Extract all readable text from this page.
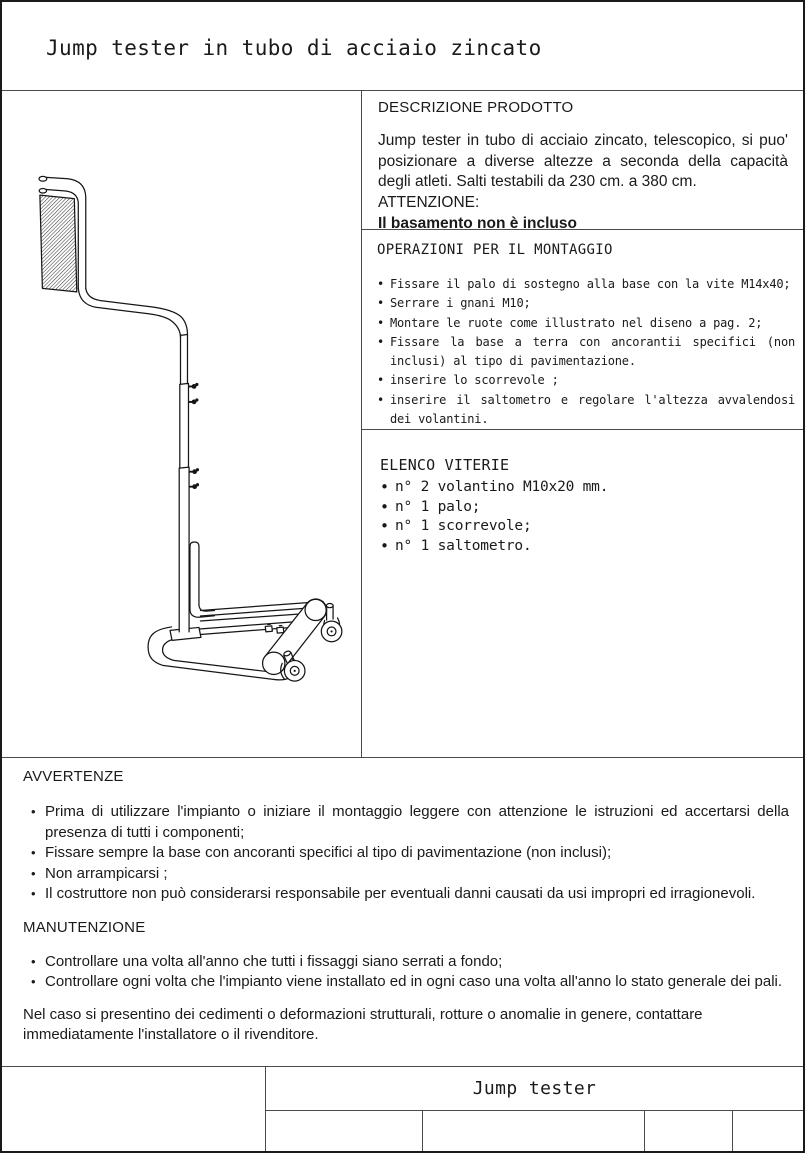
Jump tester in tubo di acciaio zincato
DESCRIZIONE PRODOTTO

Jump tester in tubo di acciaio zincato, telescopico, si puo' posizionare a diverse altezze a seconda della capacità degli atleti. Salti testabili da 230 cm. a 380 cm.

ATTENZIONE:

Il basamento non è incluso

OPERAZIONI PER IL MONTAGGIO
• Fissare il palo di sostegno alla base con la vite M14x40;
• Serrare i gnani M10;
• Montare le ruote come illustrato nel diseno a pag. 2;
• Fissare la base a terra con ancorantii specifici (non inclusi) al tipo di pavimentazione.
• inserire lo scorrevole ;
• inserire il saltometro e regolare l'altezza avvalendosi dei volantini.
ELENCO VITERIE
• n° 2 volantino M10x20 mm.
• n° 1 palo;
• n° 1 scorrevole;
• n° 1 saltometro.
AVVERTENZE
• Prima di utilizzare l'impianto o iniziare il montaggio leggere con attenzione le istruzioni ed accertarsi della presenza di tutti i componenti;
• Fissare sempre la base con ancoranti specifici al tipo di pavimentazione (non inclusi);
• Non arrampicarsi ;
• Il costruttore non può considerarsi responsabile per eventuali danni causati da usi impropri ed irragionevoli.
MANUTENZIONE
• Controllare una volta all'anno che tutti i fissaggi siano serrati a fondo;
• Controllare ogni volta che l'impianto viene installato ed in ogni caso una volta all'anno lo stato generale dei pali.

Nel caso si presentino dei cedimenti o deformazioni strutturali, rotture o anomalie in genere, contattare immediatamente l'installatore o il rivenditore.

Jump tester
